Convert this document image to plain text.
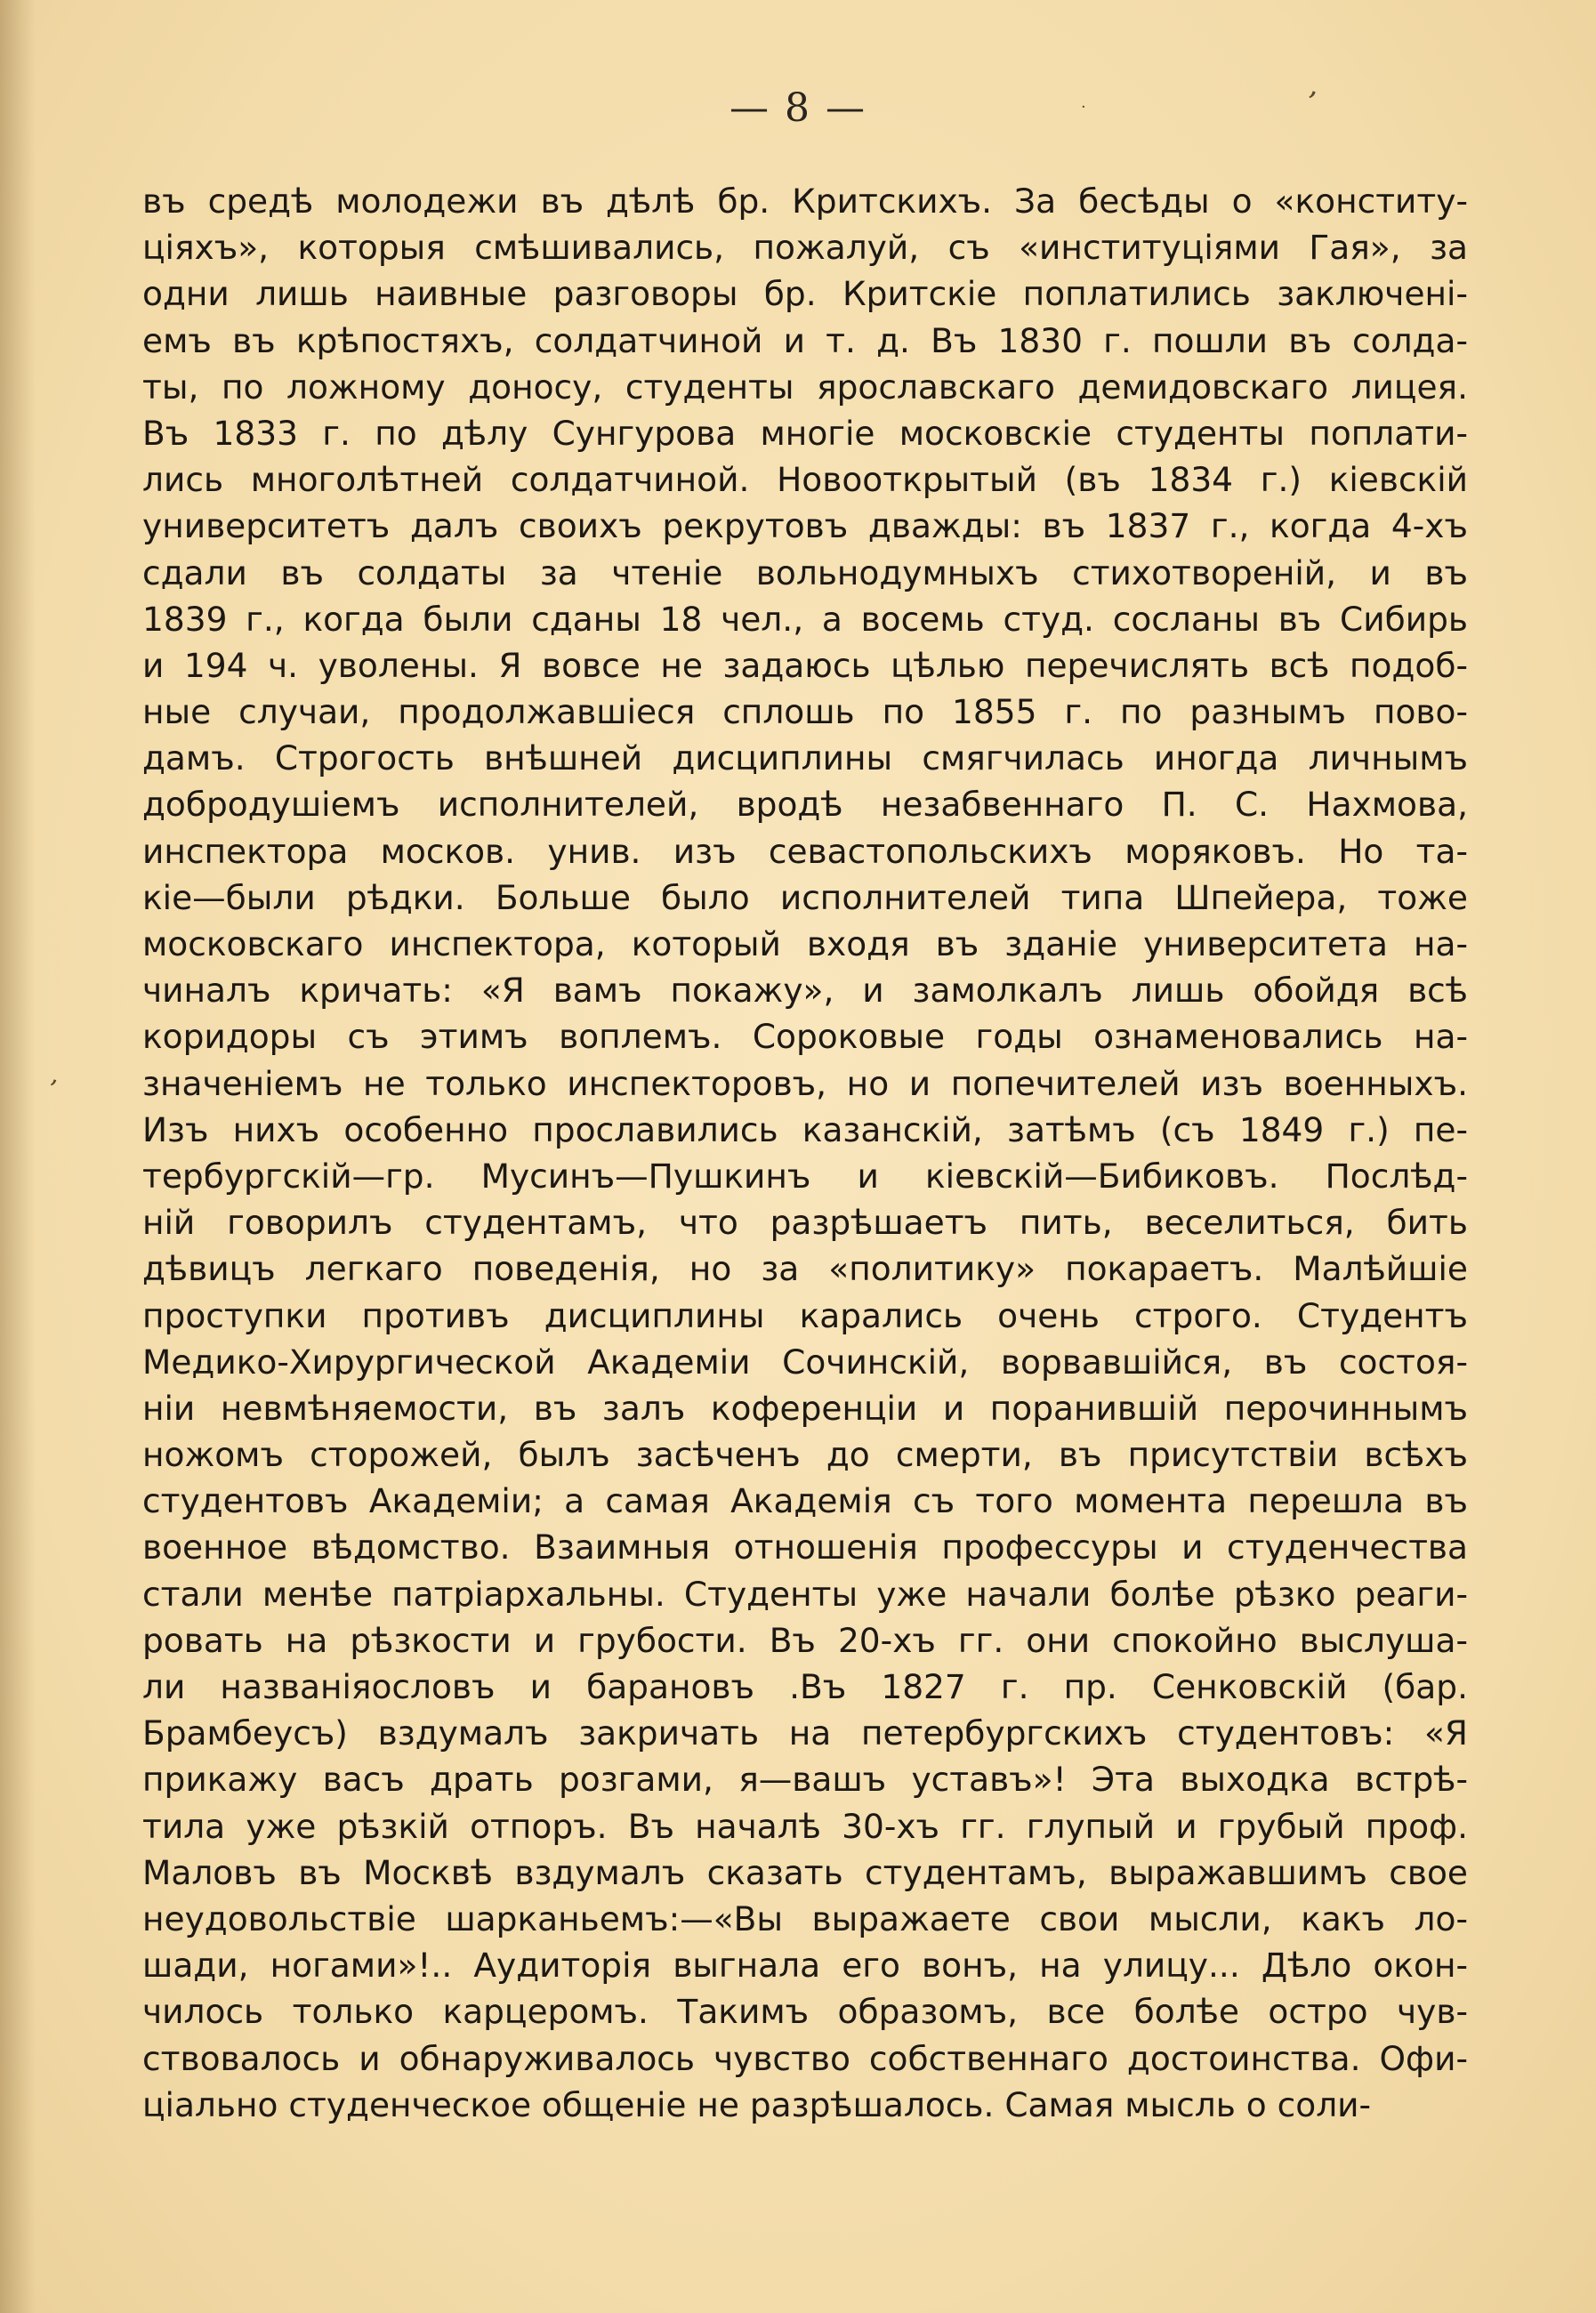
ʼ
·
ʼ
— 8 —
въ средѣ молодежи въ дѣлѣ бр. Критскихъ. За бесѣды о «конститу-
ціяхъ», которыя смѣшивались, пожалуй, съ «институціями Гая», за
одни лишь наивные разговоры бр. Критскіе поплатились заключені-
емъ въ крѣпостяхъ, солдатчиной и т. д. Въ 1830 г. пошли въ солда-
ты, по ложному доносу, студенты ярославскаго демидовскаго лицея.
Въ 1833 г. по дѣлу Сунгурова многіе московскіе студенты поплати-
лись многолѣтней солдатчиной. Новооткрытый (въ 1834 г.) кіевскій
университетъ далъ своихъ рекрутовъ дважды: въ 1837 г., когда 4-хъ
сдали въ солдаты за чтеніе вольнодумныхъ стихотвореній, и въ
1839 г., когда были сданы 18 чел., а восемь студ. сосланы въ Сибирь
и 194 ч. уволены. Я вовсе не задаюсь цѣлью перечислять всѣ подоб-
ные случаи, продолжавшіеся сплошь по 1855 г. по разнымъ пово-
дамъ. Строгость внѣшней дисциплины смягчилась иногда личнымъ
добродушіемъ исполнителей, вродѣ незабвеннаго П. С. Нахмова,
инспектора москов. унив. изъ севастопольскихъ моряковъ. Но та-
кіе—были рѣдки. Больше было исполнителей типа Шпейера, тоже
московскаго инспектора, который входя въ зданіе университета на-
чиналъ кричать: «Я вамъ покажу», и замолкалъ лишь обойдя всѣ
коридоры съ этимъ воплемъ. Сороковые годы ознаменовались на-
значеніемъ не только инспекторовъ, но и попечителей изъ военныхъ.
Изъ нихъ особенно прославились казанскій, затѣмъ (съ 1849 г.) пе-
тербургскій—гр. Мусинъ—Пушкинъ и кіевскій—Бибиковъ. Послѣд-
ній говорилъ студентамъ, что разрѣшаетъ пить, веселиться, бить
дѣвицъ легкаго поведенія, но за «политику» покараетъ. Малѣйшіе
проступки противъ дисциплины карались очень строго. Студентъ
Медико-Хирургической Академіи Сочинскій, ворвавшійся, въ состоя-
ніи невмѣняемости, въ залъ коференціи и поранившій перочиннымъ
ножомъ сторожей, былъ засѣченъ до смерти, въ присутствіи всѣхъ
студентовъ Академіи; а самая Академія съ того момента перешла въ
военное вѣдомство. Взаимныя отношенія профессуры и студенчества
стали менѣе патріархальны. Студенты уже начали болѣе рѣзко реаги-
ровать на рѣзкости и грубости. Въ 20-хъ гг. они спокойно выслуша-
ли названіяословъ и барановъ .Въ 1827 г. пр. Сенковскій (бар.
Брамбеусъ) вздумалъ закричать на петербургскихъ студентовъ: «Я
прикажу васъ драть розгами, я—вашъ уставъ»! Эта выходка встрѣ-
тила уже рѣзкій отпоръ. Въ началѣ 30-хъ гг. глупый и грубый проф.
Маловъ въ Москвѣ вздумалъ сказать студентамъ, выражавшимъ свое
неудовольствіе шарканьемъ:—«Вы выражаете свои мысли, какъ ло-
шади, ногами»!.. Аудиторія выгнала его вонъ, на улицу... Дѣло окон-
чилось только карцеромъ. Такимъ образомъ, все болѣе остро чув-
ствовалось и обнаруживалось чувство собственнаго достоинства. Офи-
ціально студенческое общеніе не разрѣшалось. Самая мысль о соли-
